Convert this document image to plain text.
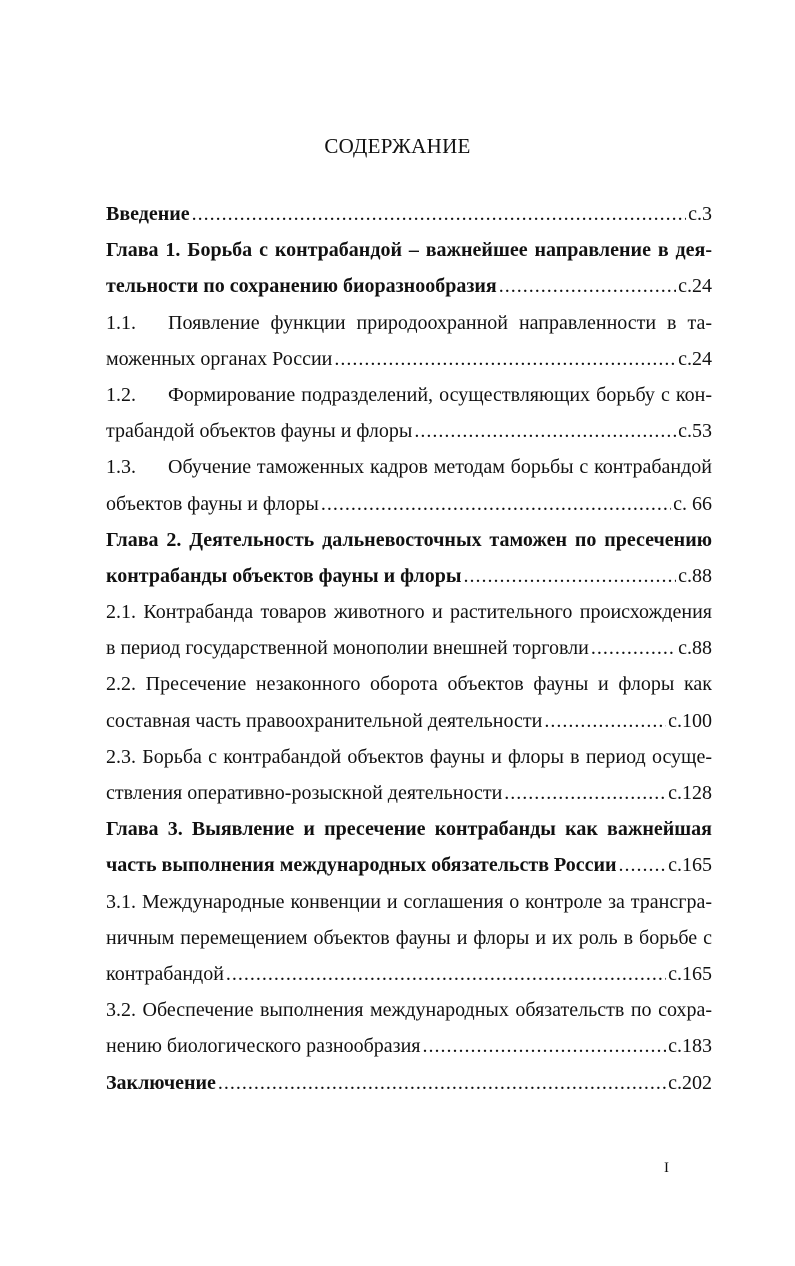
СОДЕРЖАНИЕ
Введение .....	с.3
Глава 1. Борьба с контрабандой – важнейшее направление в дея-
тельности по сохранению биоразнообразия .....	с.24
1.1.	Появление функции природоохранной направленности в та-
моженных органах России .....	с.24
1.2.	Формирование подразделений, осуществляющих борьбу с кон-
трабандой объектов фауны и флоры .....	с.53
1.3.	Обучение таможенных кадров методам борьбы с контрабандой
объектов фауны и флоры .....	с. 66
Глава 2. Деятельность дальневосточных таможен по пресечению
контрабанды объектов фауны и флоры .....	с.88
2.1. Контрабанда товаров животного и растительного происхождения
в период государственной монополии внешней торговли .....	с.88
2.2. Пресечение незаконного оборота объектов фауны и флоры как
составная часть правоохранительной деятельности .....	с.100
2.3. Борьба с контрабандой объектов фауны и флоры в период осуще-
ствления оперативно-розыскной деятельности .....	с.128
Глава 3. Выявление и пресечение контрабанды как важнейшая
часть выполнения международных обязательств России .....	с.165
3.1. Международные конвенции и соглашения о контроле за трансгра-
ничным перемещением объектов фауны и флоры и их роль в борьбе с
контрабандой .....	с.165
3.2. Обеспечение выполнения международных обязательств по сохра-
нению биологического разнообразия .....	с.183
Заключение .....	с.202
I
